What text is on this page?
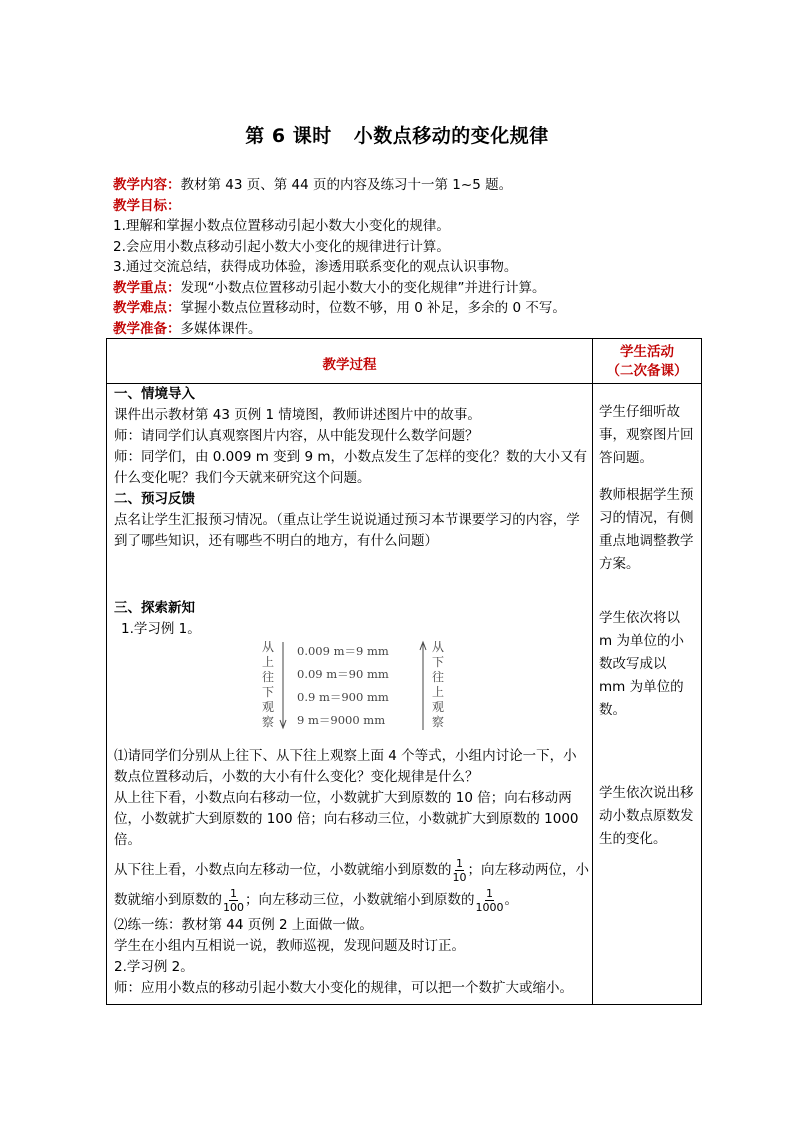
第 6 课时 小数点移动的变化规律
教学内容：教材第 43 页、第 44 页的内容及练习十一第 1~5 题。
教学目标：
1.理解和掌握小数点位置移动引起小数大小变化的规律。
2.会应用小数点移动引起小数大小变化的规律进行计算。
3.通过交流总结，获得成功体验，渗透用联系变化的观点认识事物。
教学重点：发现“小数点位置移动引起小数大小的变化规律”并进行计算。
教学难点：掌握小数点位置移动时，位数不够，用 0 补足，多余的 0 不写。
教学准备：多媒体课件。
教学过程
学生活动
（二次备课）

一、情境导入

课件出示教材第 43 页例 1 情境图，教师讲述图片中的故事。

师：请同学们认真观察图片内容，从中能发现什么数学问题？

师：同学们，由 0.009 m 变到 9 m，小数点发生了怎样的变化？数的大小又有什么变化呢？我们今天就来研究这个问题。

二、预习反馈

点名让学生汇报预习情况。（重点让学生说说通过预习本节课要学习的内容，学到了哪些知识，还有哪些不明白的地方，有什么问题）

三、探索新知

1.学习例 1。

⑴请同学们分别从上往下、从下往上观察上面 4 个等式，小组内讨论一下，小数点位置移动后，小数的大小有什么变化？变化规律是什么？

从上往下看，小数点向右移动一位，小数就扩大到原数的 10 倍；向右移动两位，小数就扩大到原数的 100 倍；向右移动三位，小数就扩大到原数的 1000 倍。

从下往上看，小数点向左移动一位，小数就缩小到原数的 $\frac{1}{10}$ ；向左移动两位，小数就缩小到原数的 $\frac{1}{100}$ ；向左移动三位，小数就缩小到原数的 $\frac{1}{1000}$ 。

⑵练一练：教材第 44 页例 2 上面做一做。

学生在小组内互相说一说，教师巡视，发现问题及时订正。

2.学习例 2。

师：应用小数点的移动引起小数大小变化的规律，可以把一个数扩大或缩小。

从
上
往
下
观
察
0.009 m＝9 mm
0.09 m＝90 mm
0.9 m＝900 mm
9 m＝9000 mm
从
下
往
上
观
察
学生仔细听故事，观察图片回答问题。
教师根据学生预习的情况，有侧重点地调整教学方案。
学生依次将以 m 为单位的小数改写成以 mm 为单位的数。
学生依次说出移动小数点原数发生的变化。
